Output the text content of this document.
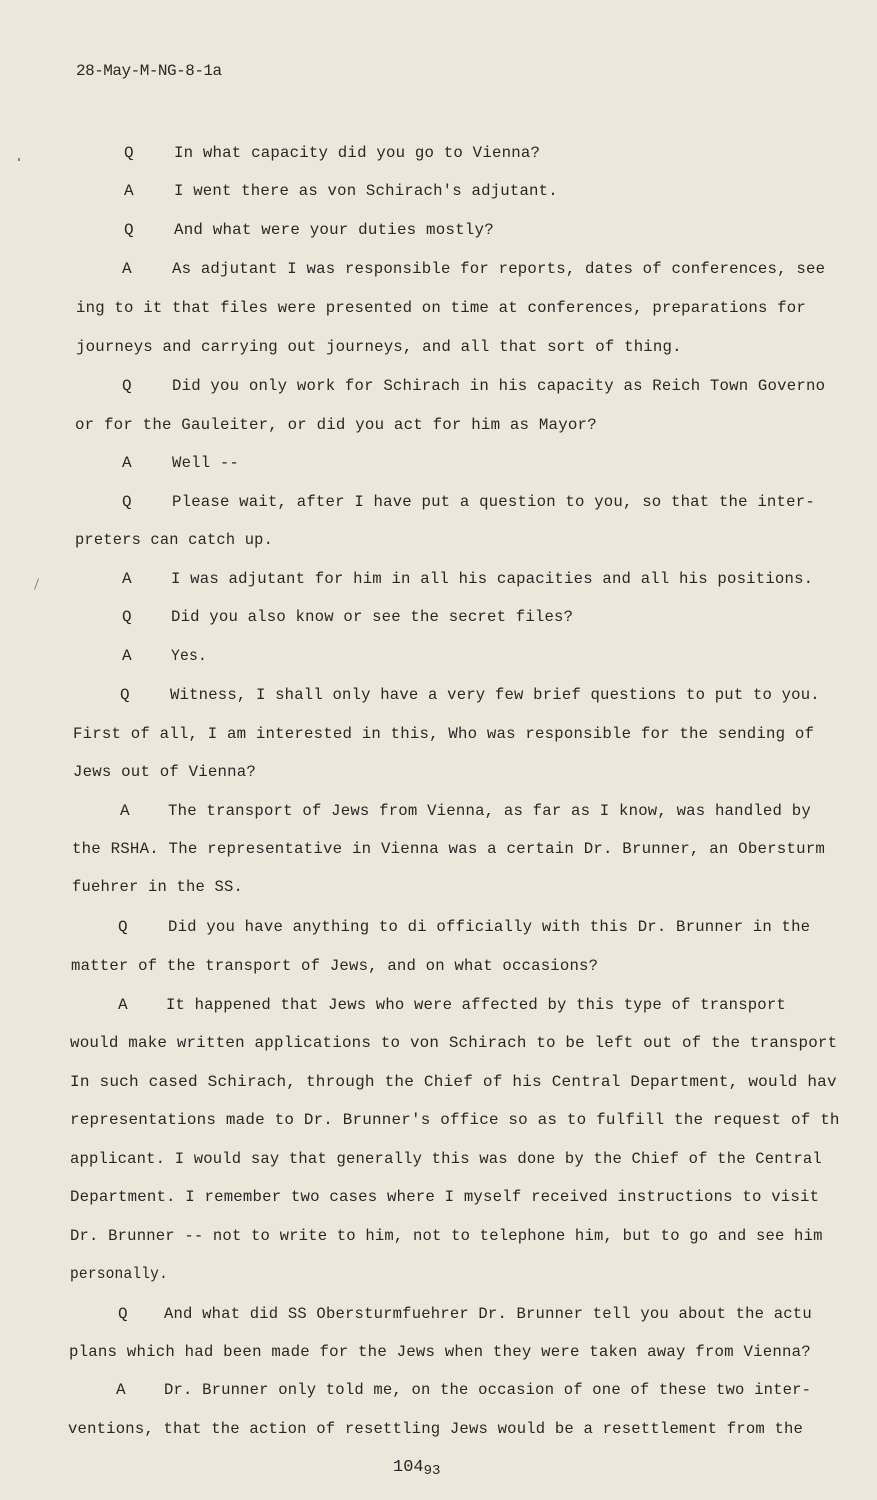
28-May-M-NG-8-1a
Q	In what capacity did you go to Vienna?
A	I went there as von Schirach's adjutant.
Q	And what were your duties mostly?
A	As adjutant I was responsible for reports, dates of conferences, see
ing to it that files were presented on time at conferences, preparations for
journeys and carrying out journeys, and all that sort of thing.
Q	Did you only work for Schirach in his capacity as Reich Town Governo
or for the Gauleiter, or did you act for him as Mayor?
A	Well --
Q	Please wait, after I have put a question to you, so that the inter-
preters can catch up.
A I was adjutant for him in all his capacities and all his positions.
Q Did you also know or see the secret files?
A Yes.
Q	Witness, I shall only have a very few brief questions to put to you.
First of all, I am interested in this, Who was responsible for the sending of
Jews out of Vienna?
A The transport of Jews from Vienna, as far as I know, was handled by
the RSHA. The representative in Vienna was a certain Dr. Brunner, an Obersturm
fuehrer in the SS.
Q	Did you have anything to di officially with this Dr. Brunner in the
matter of the transport of Jews, and on what occasions?
A It happened that Jews who were affected by this type of transport
would make written applications to von Schirach to be left out of the transport
In such cased Schirach, through the Chief of his Central Department, would hav
representations made to Dr. Brunner's office so as to fulfill the request of th
applicant. I would say that generally this was done by the Chief of the Central
Department. I remember two cases where I myself received instructions to visit
Dr. Brunner -- not to write to him, not to telephone him, but to go and see him
personally.
Q And what did SS Obersturmfuehrer Dr. Brunner tell you about the actu
plans which had been made for the Jews when they were taken away from Vienna?
A Dr. Brunner only told me, on the occasion of one of these two inter-
ventions, that the action of resettling Jews would be a resettlement from the
10493
